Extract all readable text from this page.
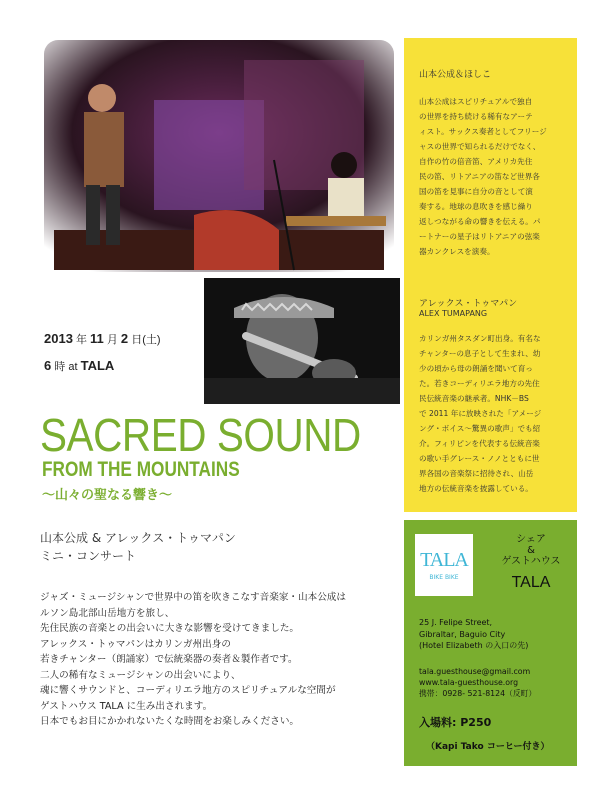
2013 年 11 月 2 日(土)
6 時 at TALA
SACRED SOUND
FROM THE MOUNTAINS
〜山々の聖なる響き〜
山本公成 & アレックス・トゥマパン
ミニ・コンサート
ジャズ・ミュージシャンで世界中の笛を吹きこなす音楽家・山本公成は
ルソン島北部山岳地方を旅し、
先住民族の音楽との出会いに大きな影響を受けてきました。
アレックス・トゥマパンはカリンガ州出身の
若きチャンター（朗誦家）で伝統楽器の奏者＆製作者です。
二人の稀有なミュージシャンの出会いにより、
魂に響くサウンドと、コーディリエラ地方のスピリチュアルな空間が
ゲストハウス TALA に生み出されます。
日本でもお目にかかれないたくな時間をお楽しみください。
山本公成＆ほしこ
山本公成はスピリチュアルで独自
の世界を持ち続ける稀有なアーテ
ィスト。サックス奏者としてフリージ
ャスの世界で知られるだけでなく、
自作の竹の倍音笛、アメリカ先住
民の笛、リトアニアの笛など世界各
国の笛を見事に自分の音として演
奏する。地球の息吹きを感じ繰り
返しつながる命の響きを伝える。パ
ートナーの星子はリトアニアの弦楽
器カンクレスを演奏。
アレックス・トゥマパン
ALEX TUMAPANG
カリンガ州タスダン町出身。有名な
チャンターの息子として生まれ、幼
少の頃から母の朗誦を聞いて育っ
た。若きコーディリエラ地方の先住
民伝統音楽の継承者。NHK－BS
で 2011 年に放映された「アメージ
ング・ボイス〜驚異の歌声」でも紹
介。フィリピンを代表する伝統音楽
の歌い手グレース・ノノとともに世
界各国の音楽祭に招待され、山岳
地方の伝統音楽を披露している。
TALA
BIKE BIKE
シェア
&
ゲストハウス
TALA
25 J. Felipe Street,
Gibraltar, Baguio City
(Hotel Elizabeth の入口の先)
tala.guesthouse@gmail.com
www.tala-guesthouse.org
携帯：0928- 521-8124（反町）
入場料: P250
（Kapi Tako コーヒー付き）
